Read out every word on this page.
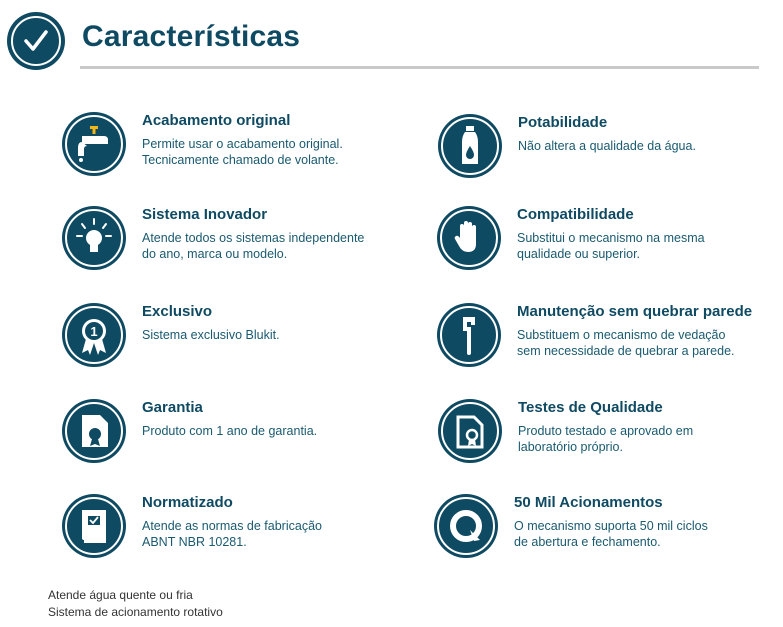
Características
Acabamento original
Permite usar o acabamento original.
Tecnicamente chamado de volante.
Sistema Inovador
Atende todos os sistemas independente
do ano, marca ou modelo.
1
Exclusivo
Sistema exclusivo Blukit.
Garantia
Produto com 1 ano de garantia.
Normatizado
Atende as normas de fabricação
ABNT NBR 10281.
Potabilidade
Não altera a qualidade da água.
Compatibilidade
Substitui o mecanismo na mesma
qualidade ou superior.
Manutenção sem quebrar parede
Substituem o mecanismo de vedação
sem necessidade de quebrar a parede.
Testes de Qualidade
Produto testado e aprovado em
laboratório próprio.
50 Mil Acionamentos
O mecanismo suporta 50 mil ciclos
de abertura e fechamento.
Atende água quente ou fria
Sistema de acionamento rotativo
